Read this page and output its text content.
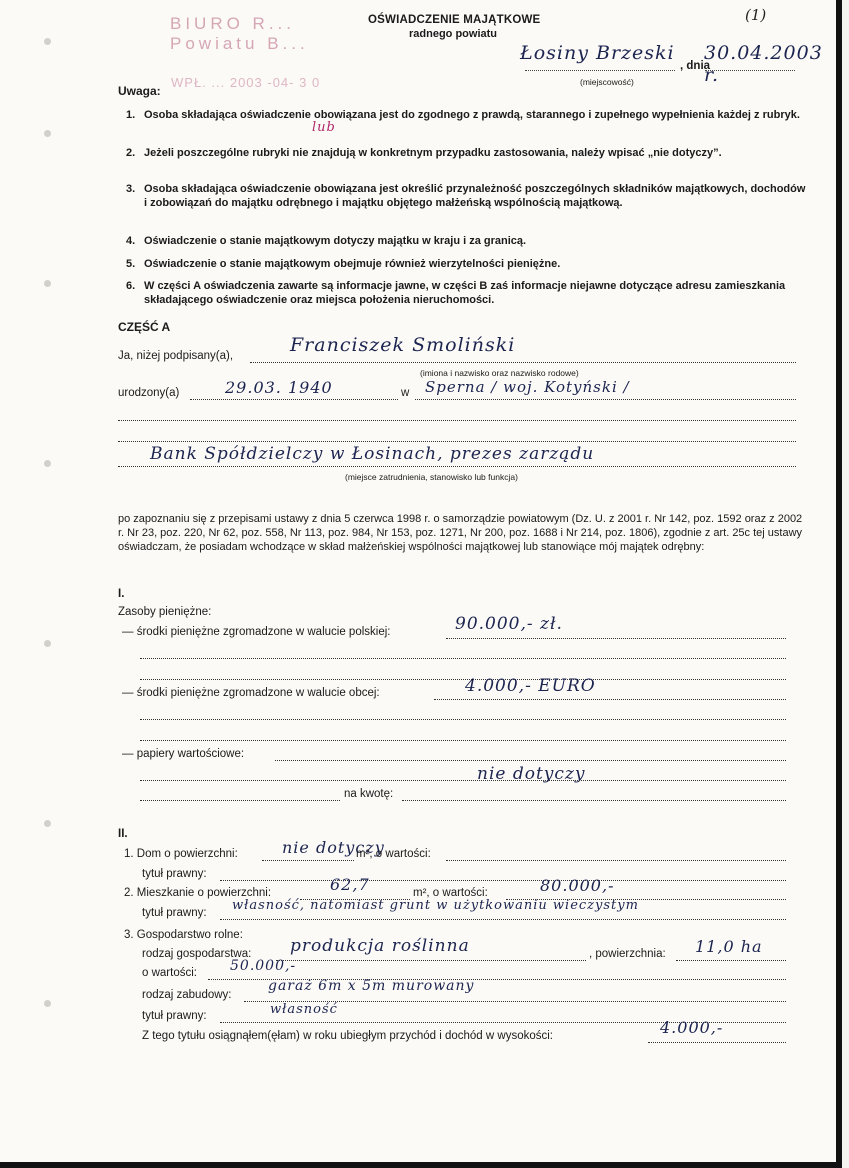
BIURO R... Powiatu B...
WPŁ. ... 2003 -04- 3 0
(1)
OŚWIADCZENIE MAJĄTKOWE
radnego powiatu
Łosiny Brzeski
, dnia
30.04.2003 r.
(miejscowość)
Uwaga:
1. Osoba składająca oświadczenie obowiązana jest do zgodnego z prawdą, starannego i zupełnego wypełnienia każdej z rubryk.
lub
2. Jeżeli poszczególne rubryki nie znajdują w konkretnym przypadku zastosowania, należy wpisać „nie dotyczy”.
3. Osoba składająca oświadczenie obowiązana jest określić przynależność poszczególnych składników majątkowych, dochodów i zobowiązań do majątku odrębnego i majątku objętego małżeńską wspólnością majątkową.
4. Oświadczenie o stanie majątkowym dotyczy majątku w kraju i za granicą.
5. Oświadczenie o stanie majątkowym obejmuje również wierzytelności pieniężne.
6. W części A oświadczenia zawarte są informacje jawne, w części B zaś informacje niejawne dotyczące adresu zamieszkania składającego oświadczenie oraz miejsca położenia nieruchomości.
CZĘŚĆ A
Ja, niżej podpisany(a),	Franciszek Smoliński
(imiona i nazwisko oraz nazwisko rodowe)
urodzony(a)	29.03. 1940	w Sperna / woj. Kotyński /
Bank Spółdzielczy w Łosinach, prezes zarządu
(miejsce zatrudnienia, stanowisko lub funkcja)
po zapoznaniu się z przepisami ustawy z dnia 5 czerwca 1998 r. o samorządzie powiatowym (Dz. U. z 2001 r. Nr 142, poz. 1592 oraz z 2002 r. Nr 23, poz. 220, Nr 62, poz. 558, Nr 113, poz. 984, Nr 153, poz. 1271, Nr 200, poz. 1688 i Nr 214, poz. 1806), zgodnie z art. 25c tej ustawy oświadczam, że posiadam wchodzące w skład małżeńskiej wspólności majątkowej lub stanowiące mój majątek odrębny:
I.
Zasoby pieniężne:
— środki pieniężne zgromadzone w walucie polskiej:	90.000,- zł.
— środki pieniężne zgromadzone w walucie obcej:	4.000,- EURO
— papiery wartościowe:
nie dotyczy
na kwotę:
II.
1. Dom o powierzchni:	nie dotyczy
m², o wartości:
tytuł prawny:
2. Mieszkanie o powierzchni:	62,7	m², o wartości:	80.000,-
tytuł prawny: własność, natomiast grunt w użytkowaniu wieczystym
3. Gospodarstwo rolne:
rodzaj gospodarstwa: produkcja roślinna	, powierzchnia: 11,0 ha
o wartości: 50.000,-
rodzaj zabudowy:
garaż 6m x 5m murowany
tytuł prawny:	własność
Z tego tytułu osiągnąłem(ęłam) w roku ubiegłym przychód i dochód w wysokości:	4.000,-
